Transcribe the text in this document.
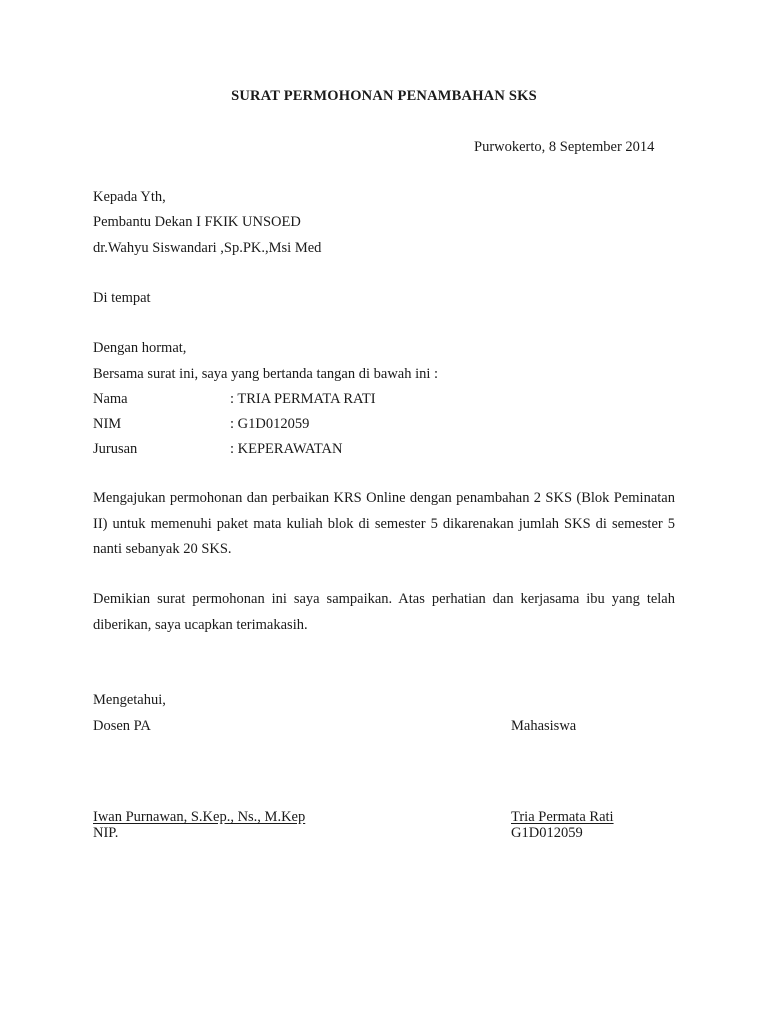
SURAT PERMOHONAN PENAMBAHAN SKS
Purwokerto, 8 September 2014
Kepada Yth,
Pembantu Dekan I FKIK UNSOED
dr.Wahyu Siswandari ,Sp.PK.,Msi Med
Di tempat
Dengan hormat,
Bersama surat ini, saya yang bertanda tangan di bawah ini :
Nama	: TRIA PERMATA RATI
NIM	: G1D012059
Jurusan	: KEPERAWATAN
Mengajukan permohonan dan perbaikan KRS Online dengan penambahan 2 SKS (Blok Peminatan II) untuk memenuhi paket mata kuliah blok di semester 5 dikarenakan jumlah SKS di semester 5 nanti sebanyak 20 SKS.
Demikian surat permohonan ini saya sampaikan. Atas perhatian dan kerjasama ibu yang telah diberikan, saya ucapkan terimakasih.
Mengetahui,
Dosen PA	Mahasiswa
Iwan Purnawan, S.Kep., Ns., M.Kep
NIP.
Tria Permata Rati
G1D012059
